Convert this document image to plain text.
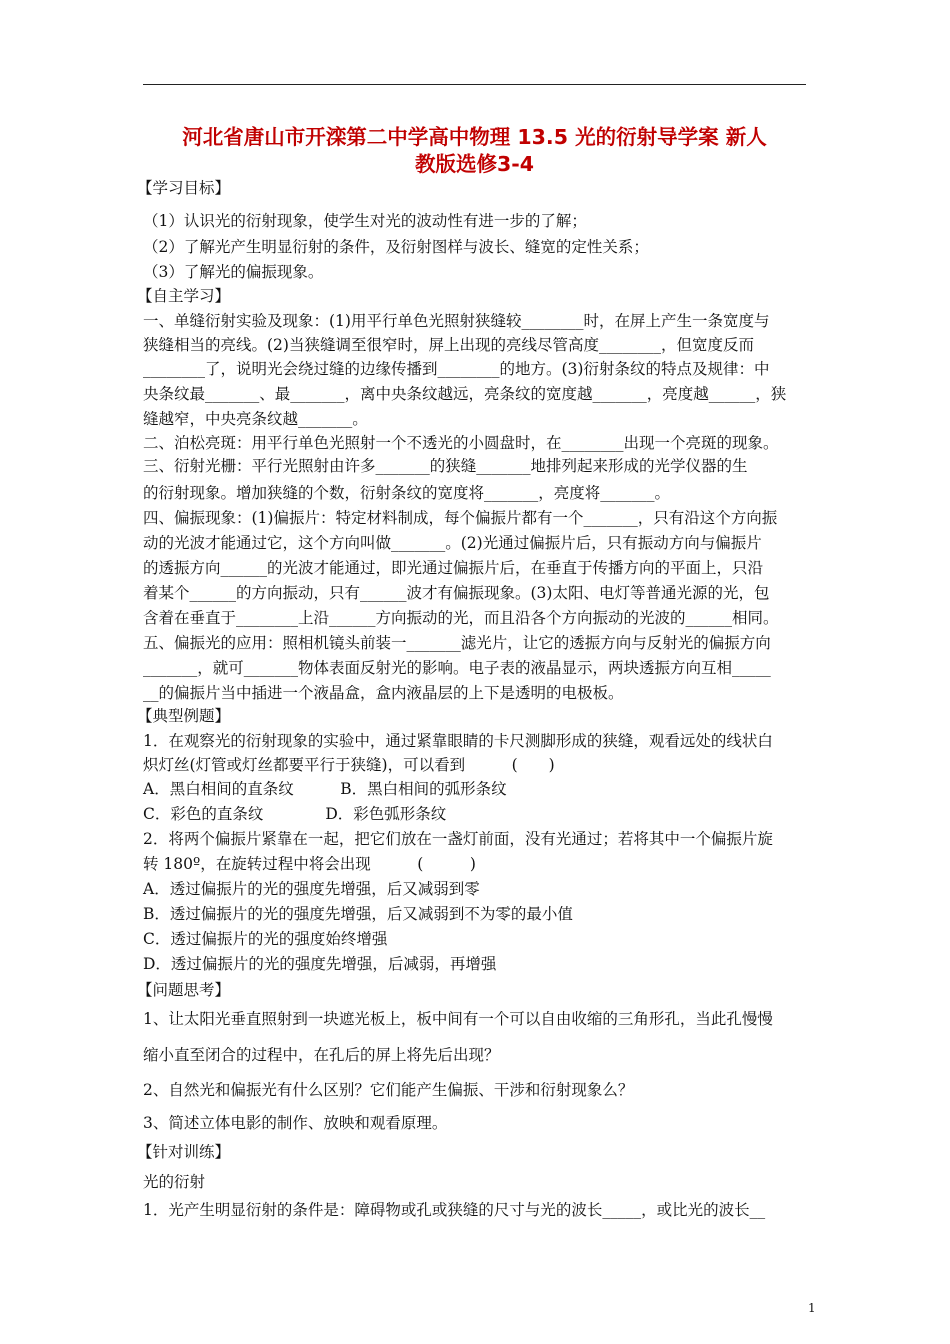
河北省唐山市开滦第二中学高中物理 13.5 光的衍射导学案 新人
教版选修3-4
【学习目标】
（1）认识光的衍射现象，使学生对光的波动性有进一步的了解；
（2）了解光产生明显衍射的条件，及衍射图样与波长、缝宽的定性关系；
（3）了解光的偏振现象。
【自主学习】
一、单缝衍射实验及现象：(1)用平行单色光照射狭缝较________时，在屏上产生一条宽度与
狭缝相当的亮线。(2)当狭缝调至很窄时，屏上出现的亮线尽管高度________，但宽度反而
________了，说明光会绕过缝的边缘传播到________的地方。(3)衍射条纹的特点及规律：中
央条纹最_______、最_______，离中央条纹越远，亮条纹的宽度越_______，亮度越______，狭
缝越窄，中央亮条纹越_______。
二、泊松亮斑：用平行单色光照射一个不透光的小圆盘时，在________出现一个亮斑的现象。
三、衍射光栅：平行光照射由许多_______的狭缝_______地排列起来形成的光学仪器的生
的衍射现象。增加狭缝的个数，衍射条纹的宽度将_______，亮度将_______。
四、偏振现象：(1)偏振片：特定材料制成，每个偏振片都有一个_______，只有沿这个方向振
动的光波才能通过它，这个方向叫做_______。(2)光通过偏振片后，只有振动方向与偏振片
的透振方向______的光波才能通过，即光通过偏振片后，在垂直于传播方向的平面上，只沿
着某个______的方向振动，只有______波才有偏振现象。(3)太阳、电灯等普通光源的光，包
含着在垂直于________上沿______方向振动的光，而且沿各个方向振动的光波的______相同。
五、偏振光的应用：照相机镜头前装一_______滤光片，让它的透振方向与反射光的偏振方向
_______，就可_______物体表面反射光的影响。电子表的液晶显示，两块透振方向互相_____
__的偏振片当中插进一个液晶盒，盒内液晶层的上下是透明的电极板。
【典型例题】
1．在观察光的衍射现象的实验中，通过紧靠眼睛的卡尺测脚形成的狭缝，观看远处的线状白
炽灯丝(灯管或灯丝都要平行于狭缝)，可以看到　　　(　　)
A．黑白相间的直条纹　　　B．黑白相间的弧形条纹
C．彩色的直条纹　　　　D．彩色弧形条纹
2．将两个偏振片紧靠在一起，把它们放在一盏灯前面，没有光通过；若将其中一个偏振片旋
转 180º，在旋转过程中将会出现　　　(　　　)
A．透过偏振片的光的强度先增强，后又减弱到零
B．透过偏振片的光的强度先增强，后又减弱到不为零的最小值
C．透过偏振片的光的强度始终增强
D．透过偏振片的光的强度先增强，后减弱，再增强
【问题思考】
1、让太阳光垂直照射到一块遮光板上，板中间有一个可以自由收缩的三角形孔，当此孔慢慢
缩小直至闭合的过程中，在孔后的屏上将先后出现？
2、自然光和偏振光有什么区别？它们能产生偏振、干涉和衍射现象么？
3、简述立体电影的制作、放映和观看原理。
【针对训练】
光的衍射
1．光产生明显衍射的条件是：障碍物或孔或狭缝的尺寸与光的波长_____，或比光的波长__
1
